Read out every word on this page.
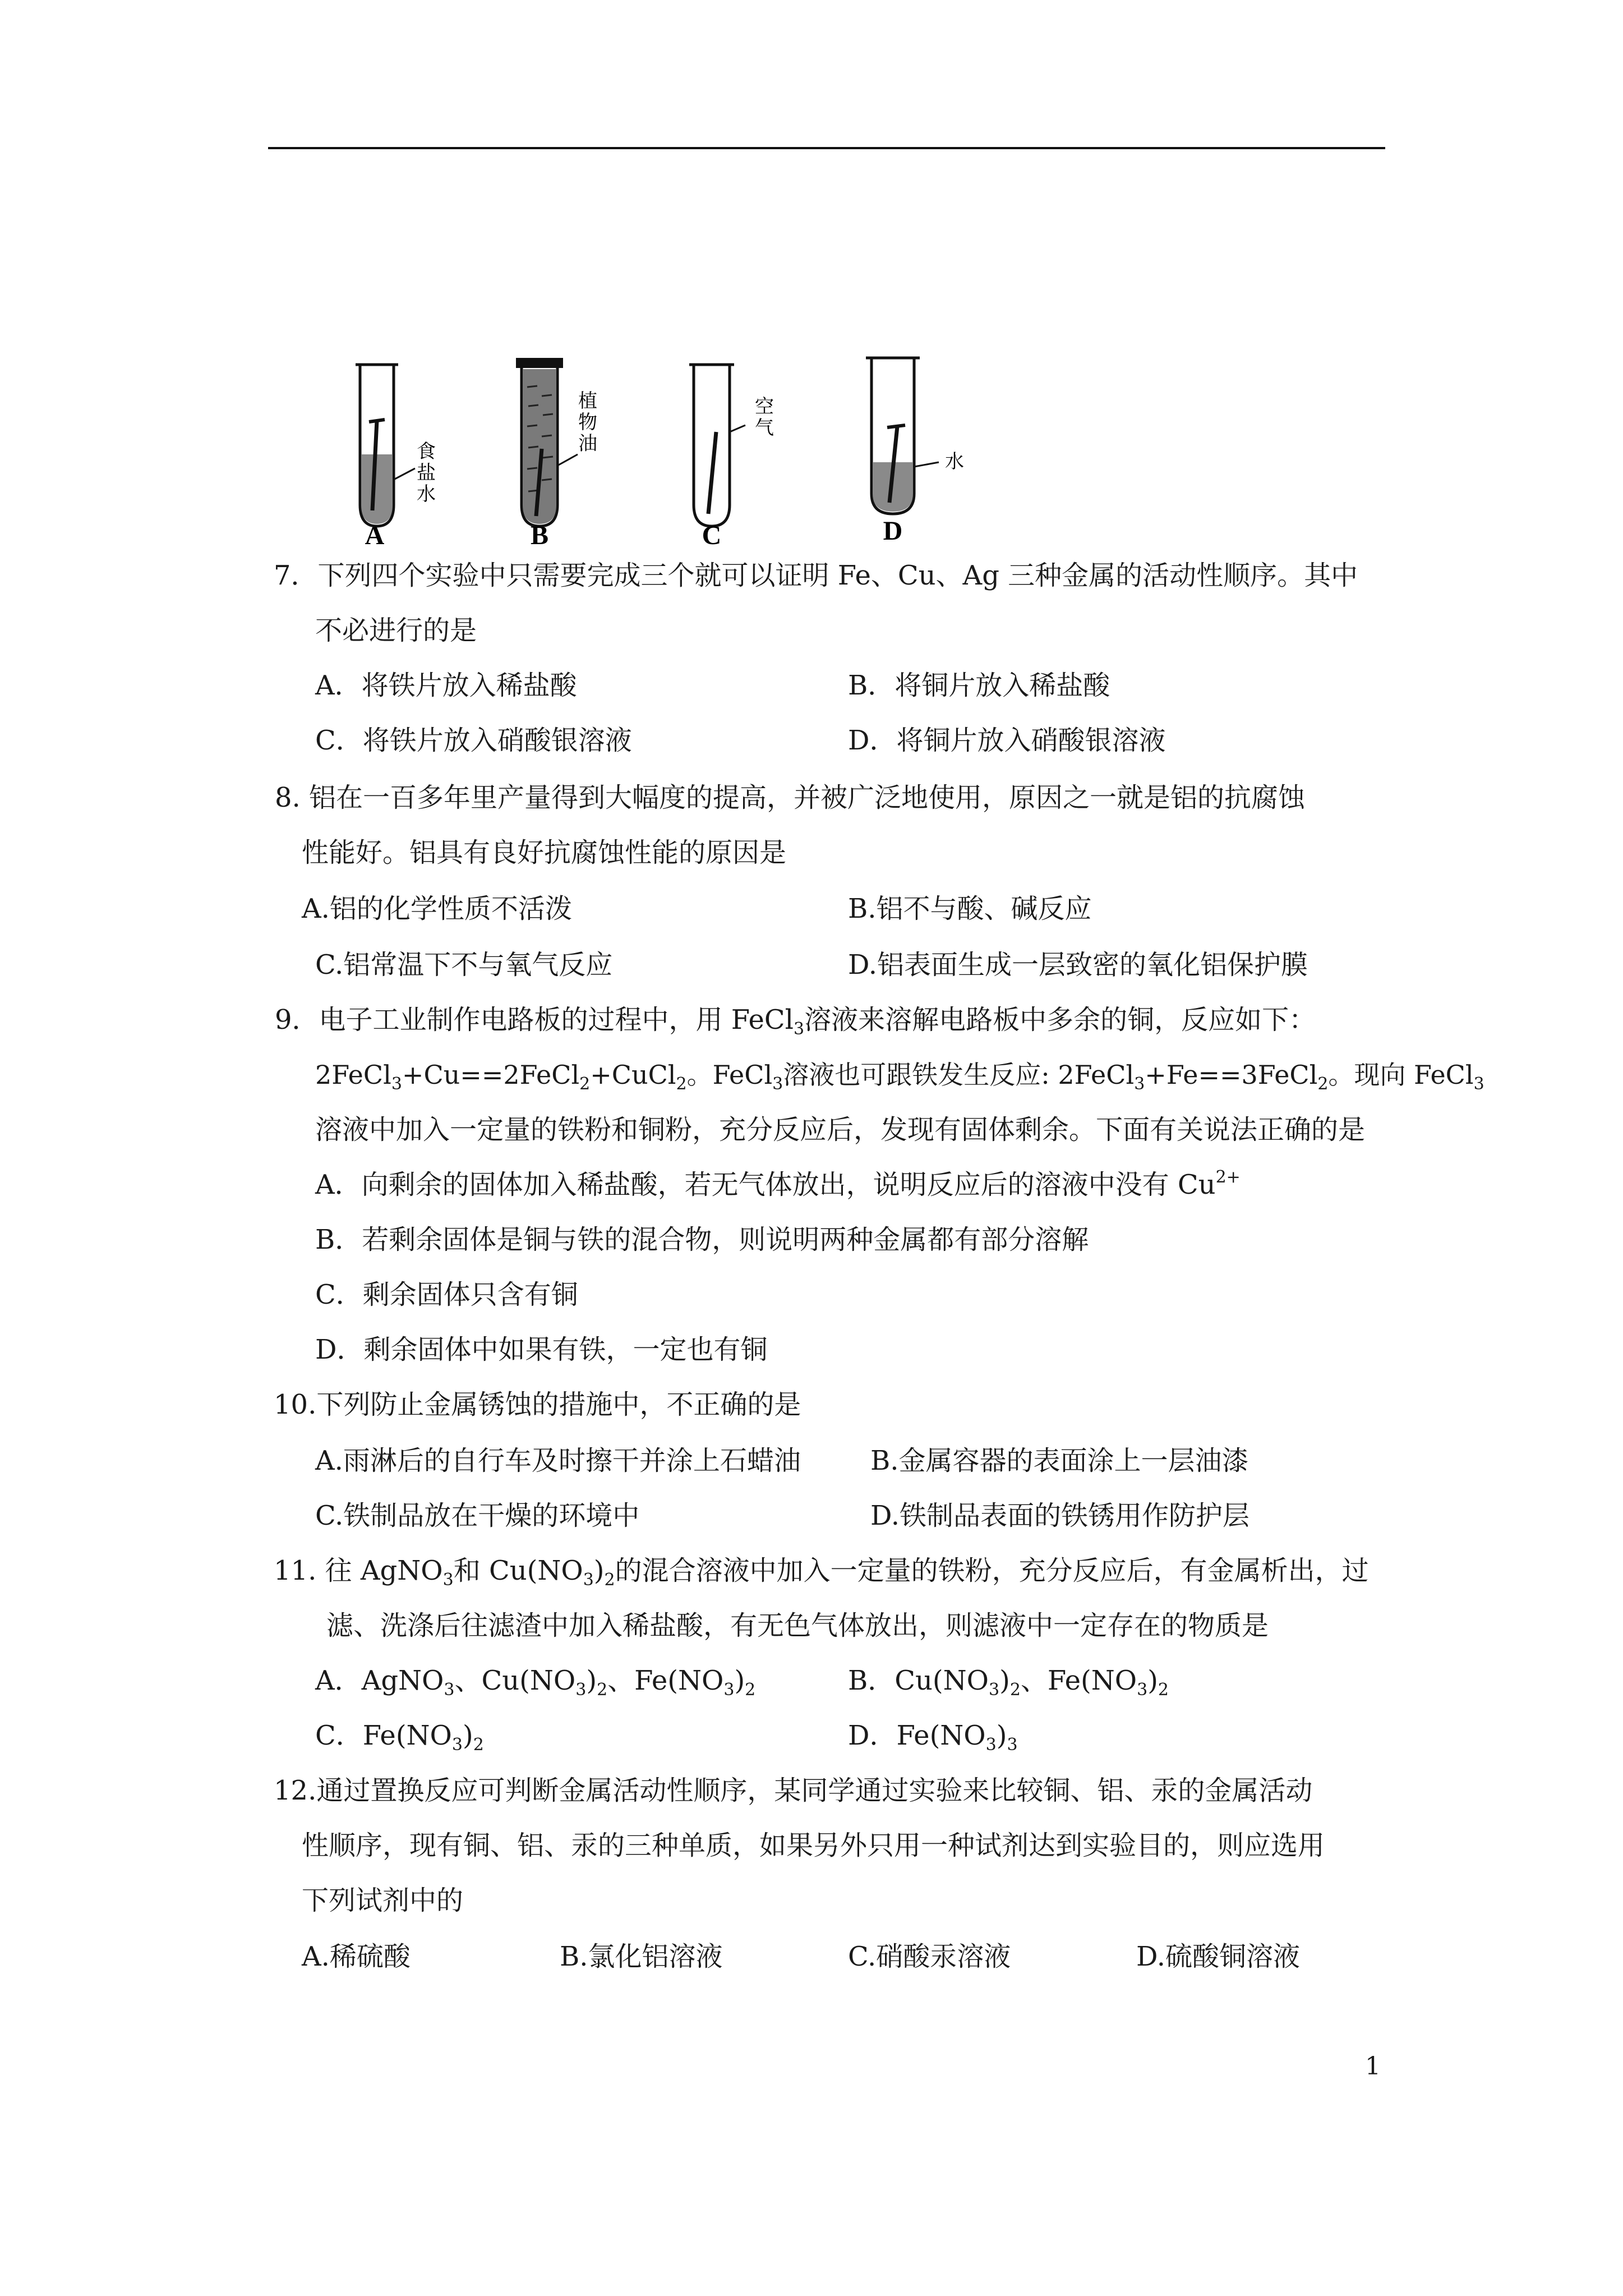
A
食
盐
水
B
植
物
油
C
空
气
D
水
7．下列四个实验中只需要完成三个就可以证明 Fe、Cu、Ag 三种金属的活动性顺序。其中
不必进行的是
A．将铁片放入稀盐酸	B．将铜片放入稀盐酸
C．将铁片放入硝酸银溶液	D．将铜片放入硝酸银溶液
8. 铝在一百多年里产量得到大幅度的提高，并被广泛地使用，原因之一就是铝的抗腐蚀
性能好。铝具有良好抗腐蚀性能的原因是
A.铝的化学性质不活泼	B.铝不与酸、碱反应
C.铝常温下不与氧气反应	D.铝表面生成一层致密的氧化铝保护膜
9．电子工业制作电路板的过程中，用 FeCl$_3$溶液来溶解电路板中多余的铜，反应如下：
2FeCl$_3$+Cu==2FeCl$_2$+CuCl$_2$。FeCl$_3$溶液也可跟铁发生反应: 2FeCl$_3$+Fe==3FeCl$_2$。现向 FeCl$_3$
溶液中加入一定量的铁粉和铜粉，充分反应后，发现有固体剩余。下面有关说法正确的是
A．向剩余的固体加入稀盐酸，若无气体放出，说明反应后的溶液中没有 $Cu^{2+}$
B．若剩余固体是铜与铁的混合物，则说明两种金属都有部分溶解
C．剩余固体只含有铜
D．剩余固体中如果有铁，一定也有铜
10.下列防止金属锈蚀的措施中，不正确的是
A.雨淋后的自行车及时擦干并涂上石蜡油	B.金属容器的表面涂上一层油漆
C.铁制品放在干燥的环境中	D.铁制品表面的铁锈用作防护层
11. 往 AgNO$_3$和 $Cu(NO_3)_2$的混合溶液中加入一定量的铁粉，充分反应后，有金属析出，过
滤、洗涤后往滤渣中加入稀盐酸，有无色气体放出，则滤液中一定存在的物质是
A．AgNO$_3$、$Cu(NO_3)_2$、$Fe(NO_3)_2$	B．$Cu(NO_3)_2$、$Fe(NO_3)_2$
C．$Fe(NO_3)_2$	D．$Fe(NO_3)_3$
12.通过置换反应可判断金属活动性顺序，某同学通过实验来比较铜、铝、汞的金属活动
性顺序，现有铜、铝、汞的三种单质，如果另外只用一种试剂达到实验目的，则应选用
下列试剂中的
A.稀硫酸	B.氯化铝溶液	C.硝酸汞溶液	D.硫酸铜溶液
1
